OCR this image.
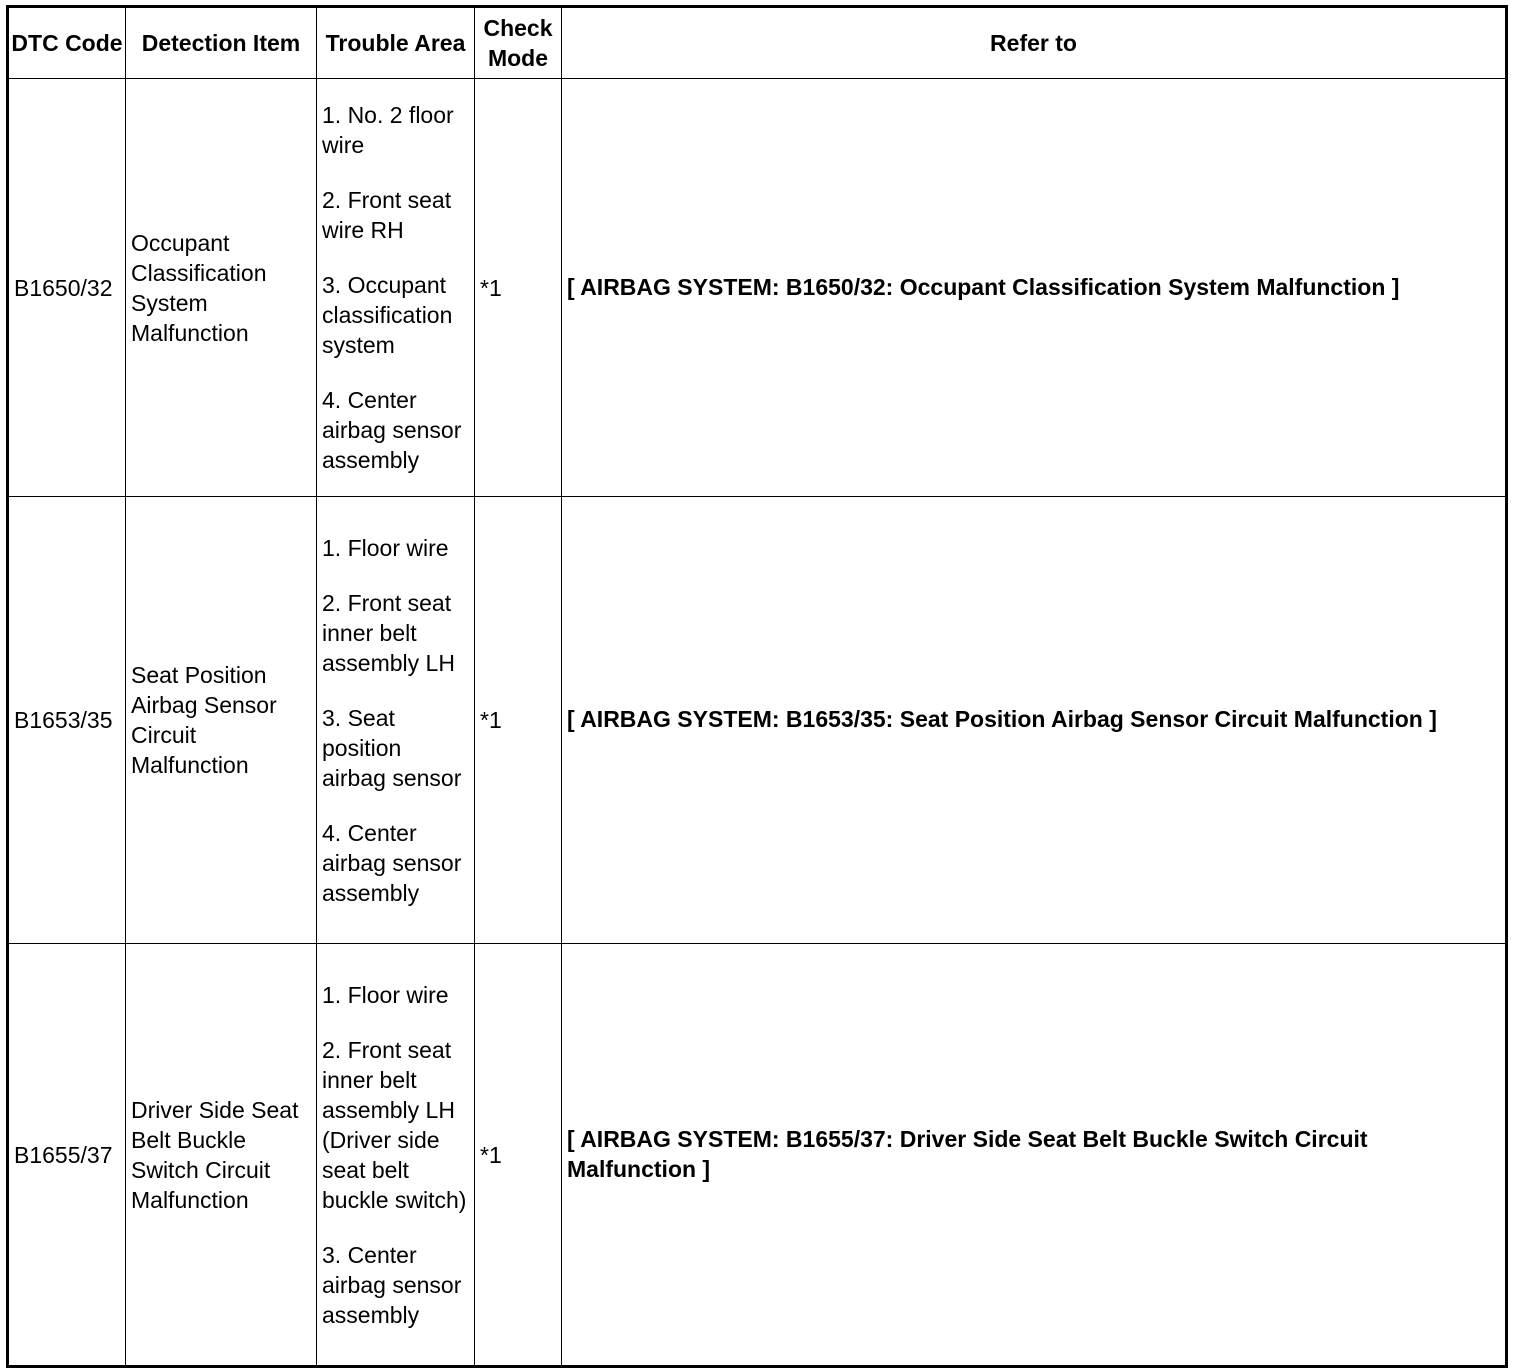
DTC Code	Detection Item	Trouble Area	Check Mode	Refer to
B1650/32	Occupant Classification System Malfunction	1. No. 2 floor wire
2. Front seat wire RH
3. Occupant classification system
4. Center airbag sensor assembly	*1	[ AIRBAG SYSTEM: B1650/32: Occupant Classification System Malfunction ]

B1653/35	Seat Position Airbag Sensor Circuit Malfunction	1. Floor wire
2. Front seat inner belt assembly LH
3. Seat position airbag sensor
4. Center airbag sensor assembly	*1	[ AIRBAG SYSTEM: B1653/35: Seat Position Airbag Sensor Circuit Malfunction ]

B1655/37	Driver Side Seat Belt Buckle Switch Circuit Malfunction	1. Floor wire
2. Front seat inner belt assembly LH (Driver side seat belt buckle switch)
3. Center airbag sensor assembly	*1	[ AIRBAG SYSTEM: B1655/37: Driver Side Seat Belt Buckle Switch Circuit Malfunction ]
